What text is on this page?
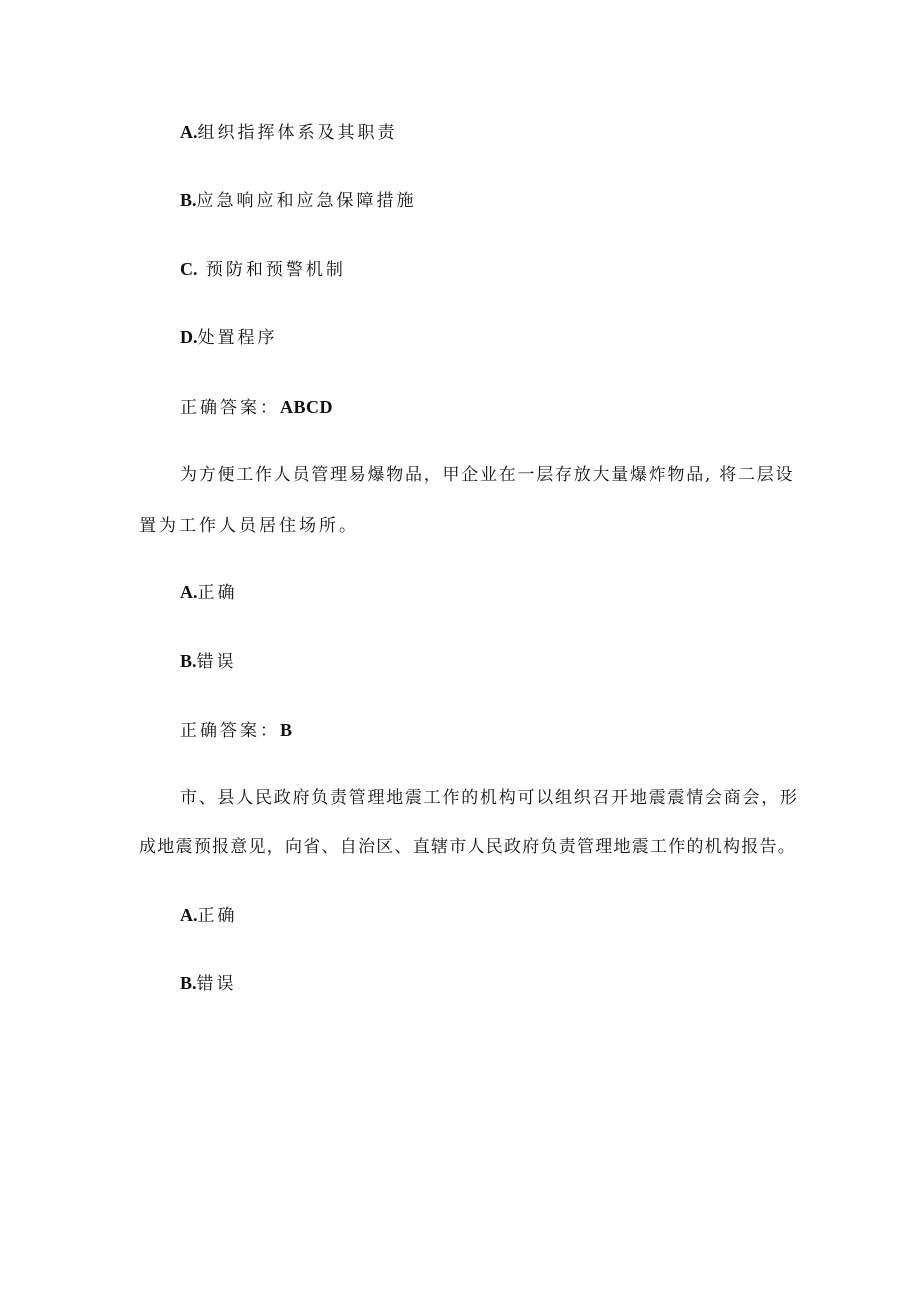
A.组织指挥体系及其职责
B.应急响应和应急保障措施
C. 预防和预警机制
D.处置程序
正确答案：ABCD
为方便工作人员管理易爆物品，甲企业在一层存放大量爆炸物品, 将二层设
置为工作人员居住场所。
A.正确
B.错误
正确答案：B
市、县人民政府负责管理地震工作的机构可以组织召开地震震情会商会，形
成地震预报意见，向省、自治区、直辖市人民政府负责管理地震工作的机构报告。
A.正确
B.错误
